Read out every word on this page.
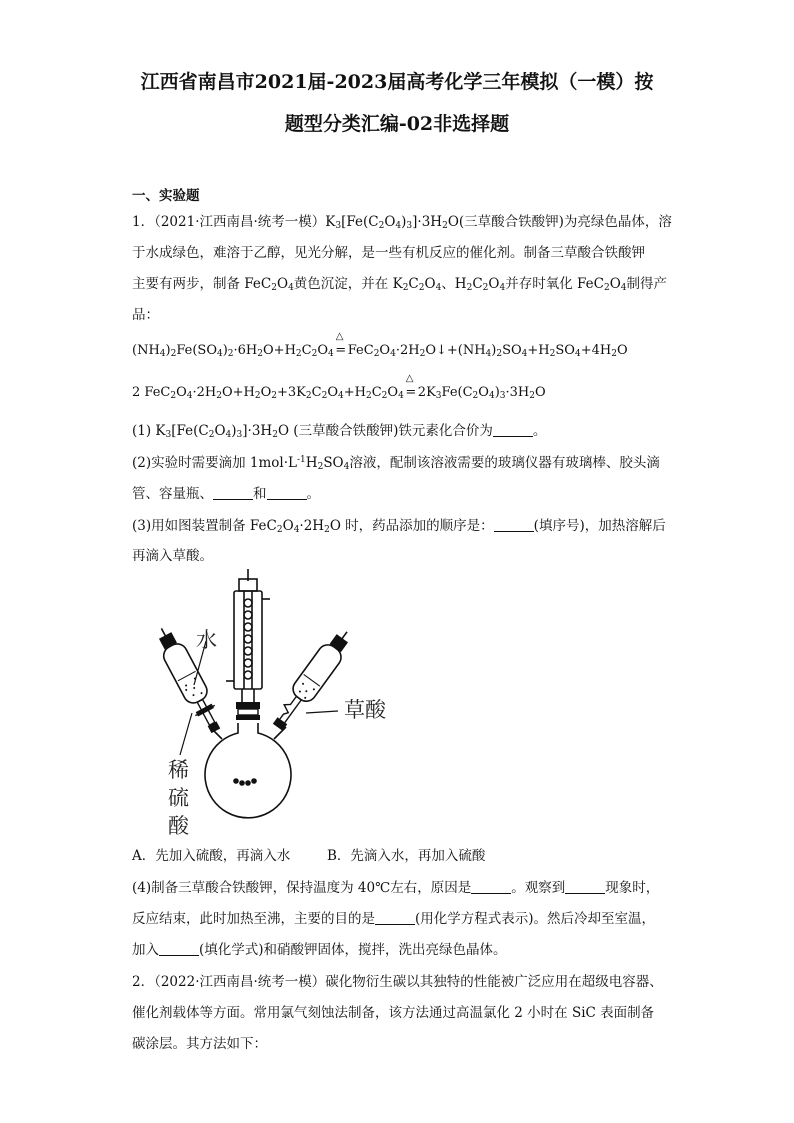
江西省南昌市2021届-2023届高考化学三年模拟（一模）按
题型分类汇编-02非选择题
一、实验题
1．（2021·江西南昌·统考一模）$K_3[Fe(C_2O_4)_3]\cdot 3H_2O$(三草酸合铁酸钾)为亮绿色晶体，溶
于水成绿色，难溶于乙醇，见光分解，是一些有机反应的催化剂。制备三草酸合铁酸钾
主要有两步，制备 $FeC_2O_4$黄色沉淀，并在 $K_2C_2O_4$、$H_2C_2O_4$并存时氧化 $FeC_2O_4$制得产
品：
$(NH_4)_2Fe(SO_4)_2\cdot 6H_2O+H_2C_2O_4$
△
= $FeC_2O_4\cdot 2H_2O↓+(NH_4)_2SO_4+H_2SO_4+4H_2O$
2 $FeC_2O_4\cdot 2H_2O+H_2O_2+3K_2C_2O_4+H_2C_2O_4$
△
= $2K_3Fe(C_2O_4)_3\cdot 3H_2O$
(1) $K_3[Fe(C_2O_4)_3]\cdot 3H_2O$ (三草酸合铁酸钾)铁元素化合价为	。
(2)实验时需要滴加 $1mol\cdot L^{-1}H_2SO_4$溶液，配制该溶液需要的玻璃仪器有玻璃棒、胶头滴
管、容量瓶、	和	。
(3)用如图装置制备 $FeC_2O_4\cdot 2H_2O$ 时，药品添加的顺序是：	(填序号)，加热溶解后
再滴入草酸。
水
草酸
稀
硫
酸
A．先加入硫酸，再滴入水	B．先滴入水，再加入硫酸
(4)制备三草酸合铁酸钾，保持温度为 40℃左右，原因是	。观察到	现象时，
反应结束，此时加热至沸，主要的目的是	(用化学方程式表示)。然后冷却至室温，
加入	(填化学式)和硝酸钾固体，搅拌，洗出亮绿色晶体。
2．（2022·江西南昌·统考一模）碳化物衍生碳以其独特的性能被广泛应用在超级电容器、
催化剂载体等方面。常用氯气刻蚀法制备，该方法通过高温氯化 2 小时在 SiC 表面制备
碳涂层。其方法如下：
